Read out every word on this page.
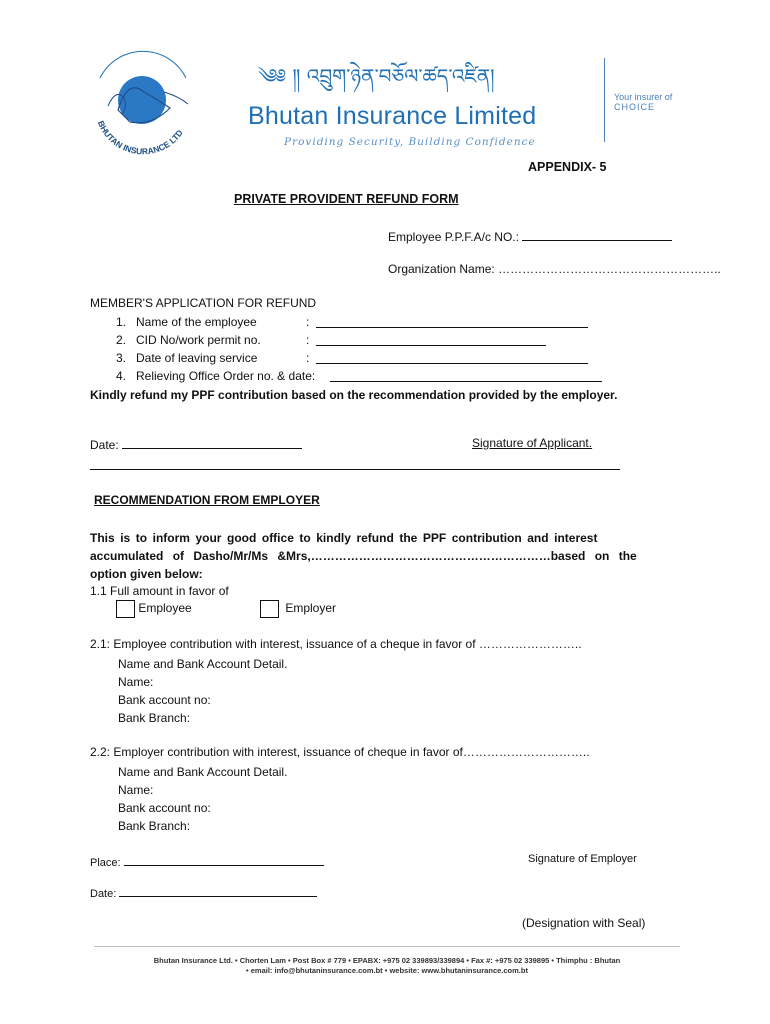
BHUTAN INSURANCE LTD
༄༅ ༎ འབྲུག་ཉེན་བཅོལ་ཚད་འཛིན།
Bhutan Insurance Limited
Providing Security, Building Confidence
Your insurer of
CHOICE
APPENDIX- 5
PRIVATE PROVIDENT REFUND FORM
Employee P.P.F.A/c NO.:
Organization Name: ………………………………………………..
MEMBER'S APPLICATION FOR REFUND
1. Name of the employee	:
2. CID No/work permit no.	:
3. Date of leaving service	:
4. Relieving Office Order no. & date:
Kindly refund my PPF contribution based on the recommendation provided by the employer.
Date:	Signature of Applicant.
RECOMMENDATION FROM EMPLOYER
This is to inform your good office to kindly refund the PPF contribution and interest
accumulated of Dasho/Mr/Ms &Mrs,……………………………………………………based on the
option given below:
1.1 Full amount in favor of
Employee	Employer
2.1: Employee contribution with interest, issuance of a cheque in favor of ……………………..
Name and Bank Account Detail.
Name:
Bank account no:
Bank Branch:
2.2: Employer contribution with interest, issuance of cheque in favor of…………………………..
Name and Bank Account Detail.
Name:
Bank account no:
Bank Branch:
Place:	Signature of Employer
Date:
(Designation with Seal)
Bhutan Insurance Ltd. • Chorten Lam • Post Box # 779 • EPABX: +975 02 339893/339894 • Fax #: +975 02 339895 • Thimphu : Bhutan
• email: info@bhutaninsurance.com.bt • website: www.bhutaninsurance.com.bt
